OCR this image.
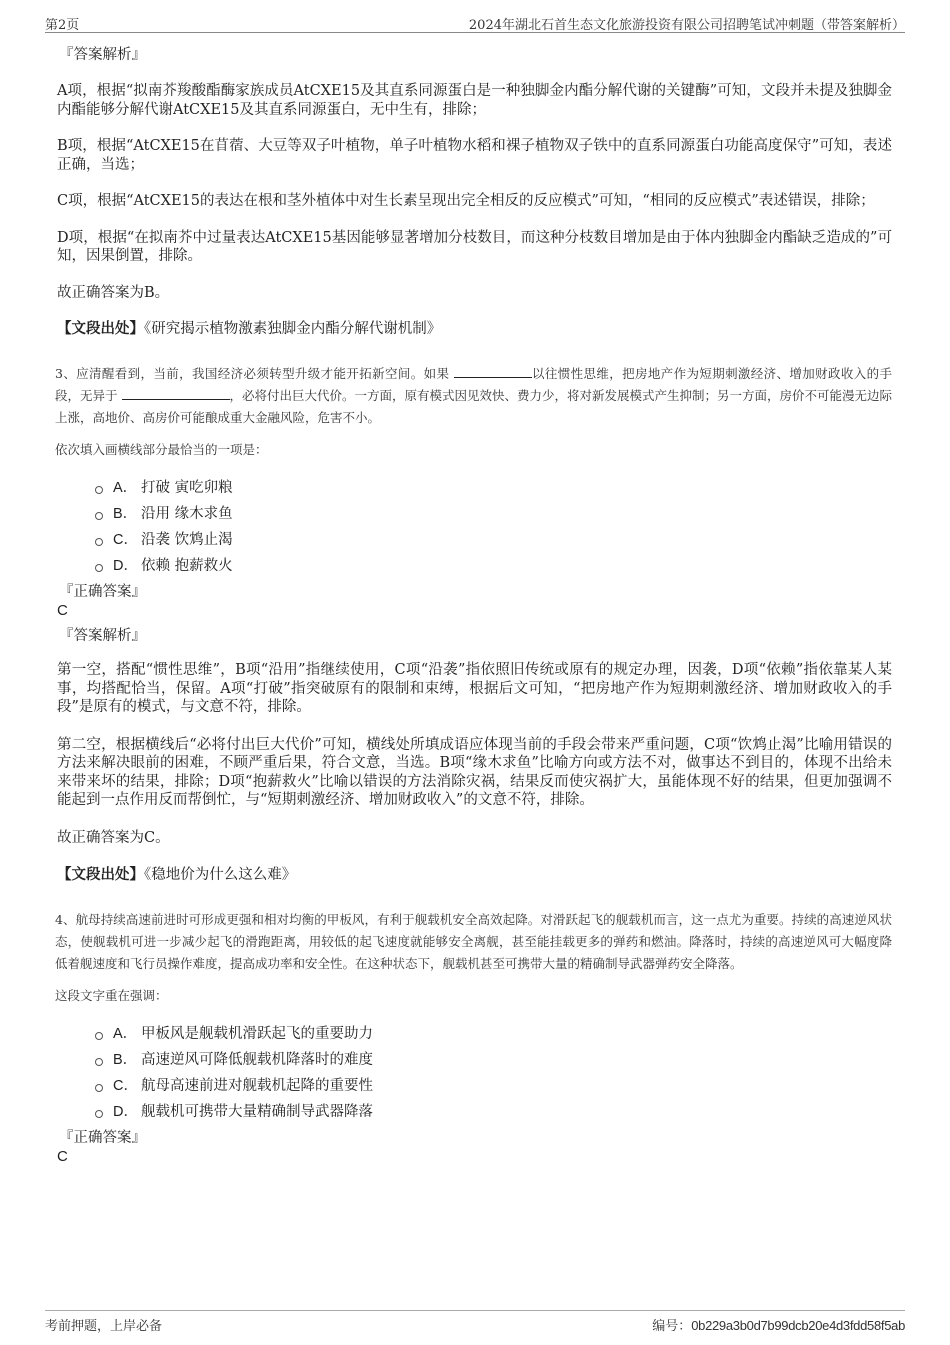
第2页	2024年湖北石首生态文化旅游投资有限公司招聘笔试冲刺题（带答案解析）
『答案解析』
A项，根据“拟南芥羧酸酯酶家族成员AtCXE15及其直系同源蛋白是一种独脚金内酯分解代谢的关键酶”可知，文段并未提及独脚金内酯能够分解代谢AtCXE15及其直系同源蛋白，无中生有，排除；
B项，根据“AtCXE15在苜蓿、大豆等双子叶植物，单子叶植物水稻和裸子植物双子铁中的直系同源蛋白功能高度保守”可知，表述正确，当选；
C项，根据“AtCXE15的表达在根和茎外植体中对生长素呈现出完全相反的反应模式”可知，“相同的反应模式”表述错误，排除；
D项，根据“在拟南芥中过量表达AtCXE15基因能够显著增加分枝数目，而这种分枝数目增加是由于体内独脚金内酯缺乏造成的”可知，因果倒置，排除。
故正确答案为B。
【文段出处】《研究揭示植物激素独脚金内酯分解代谢机制》
3、应清醒看到，当前，我国经济必须转型升级才能开拓新空间。如果	以往惯性思维，把房地产作为短期刺激经济、增加财政收入的手段，无异于	，必将付出巨大代价。一方面，原有模式因见效快、费力少，将对新发展模式产生抑制；另一方面，房价不可能漫无边际上涨，高地价、高房价可能酿成重大金融风险，危害不小。
依次填入画横线部分最恰当的一项是：
A． 打破 寅吃卯粮
B． 沿用 缘木求鱼
C． 沿袭 饮鸩止渴
D． 依赖 抱薪救火
『正确答案』
C
『答案解析』
第一空，搭配“惯性思维”，B项“沿用”指继续使用，C项“沿袭”指依照旧传统或原有的规定办理，因袭，D项“依赖”指依靠某人某事，均搭配恰当，保留。A项“打破”指突破原有的限制和束缚，根据后文可知，“把房地产作为短期刺激经济、增加财政收入的手段”是原有的模式，与文意不符，排除。
第二空，根据横线后“必将付出巨大代价”可知，横线处所填成语应体现当前的手段会带来严重问题，C项“饮鸩止渴”比喻用错误的方法来解决眼前的困难，不顾严重后果，符合文意，当选。B项“缘木求鱼”比喻方向或方法不对，做事达不到目的，体现不出给未来带来坏的结果，排除；D项“抱薪救火”比喻以错误的方法消除灾祸，结果反而使灾祸扩大，虽能体现不好的结果，但更加强调不能起到一点作用反而帮倒忙，与“短期刺激经济、增加财政收入”的文意不符，排除。
故正确答案为C。
【文段出处】《稳地价为什么这么难》
4、航母持续高速前进时可形成更强和相对均衡的甲板风，有利于舰载机安全高效起降。对滑跃起飞的舰载机而言，这一点尤为重要。持续的高速逆风状态，使舰载机可进一步减少起飞的滑跑距离，用较低的起飞速度就能够安全离舰，甚至能挂载更多的弹药和燃油。降落时，持续的高速逆风可大幅度降低着舰速度和飞行员操作难度，提高成功率和安全性。在这种状态下，舰载机甚至可携带大量的精确制导武器弹药安全降落。
这段文字重在强调：
A． 甲板风是舰载机滑跃起飞的重要助力
B． 高速逆风可降低舰载机降落时的难度
C． 航母高速前进对舰载机起降的重要性
D． 舰载机可携带大量精确制导武器降落
『正确答案』
C
考前押题，上岸必备	编号：0b229a3b0d7b99dcb20e4d3fdd58f5ab
